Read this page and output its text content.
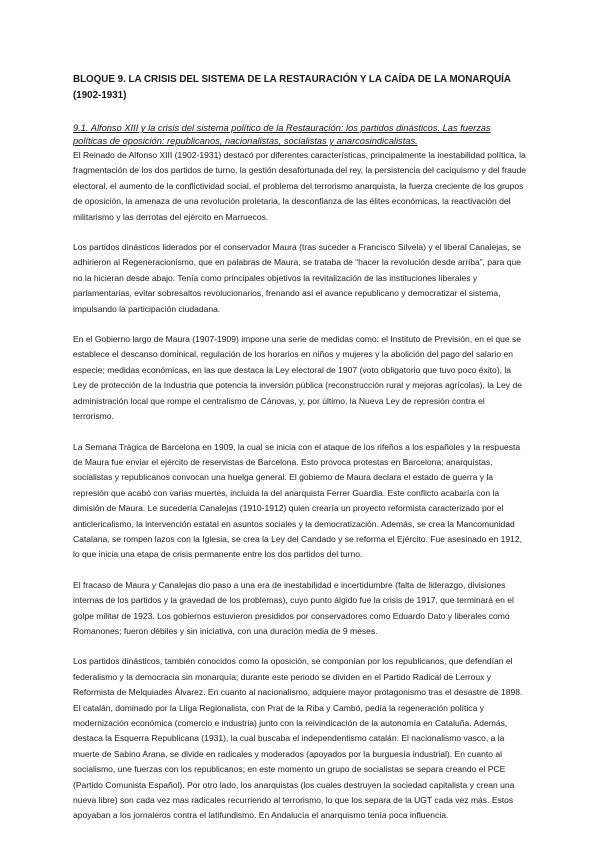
BLOQUE 9. LA CRISIS DEL SISTEMA DE LA RESTAURACIÓN Y LA CAÍDA DE LA MONARQUÍA (1902-1931)
9.1. Alfonso XIII y la crisis del sistema político de la Restauración: los partidos dinásticos. Las fuerzas políticas de oposición: republicanos, nacionalistas, socialistas y anarcosindicalistas.

El Reinado de Alfonso XIII (1902-1931) destacó por diferentes características, principalmente la inestabilidad política, la fragmentación de los dos partidos de turno, la gestión desafortunada del rey, la persistencia del caciquismo y del fraude electoral, el aumento de la conflictividad social, el problema del terrorismo anarquista, la fuerza creciente de los grupos de oposición, la amenaza de una revolución proletaria, la desconfianza de las élites económicas, la reactivación del militarismo y las derrotas del ejército en Marruecos.

Los partidos dinásticos liderados por el conservador Maura (tras suceder a Francisco Silvela) y el liberal Canalejas, se adhirieron al Regeneracionismo, que en palabras de Maura, se trataba de “hacer la revolución desde arriba”, para que no la hicieran desde abajo. Tenía como principales objetivos la revitalización de las instituciones liberales y parlamentarias, evitar sobresaltos revolucionarios, frenando así el avance republicano y democratizar el sistema, impulsando la participación ciudadana.

En el Gobierno largo de Maura (1907-1909) impone una serie de medidas como: el Instituto de Previsión, en el que se establece el descanso dominical, regulación de los horarios en niños y mujeres y la abolición del pago del salario en especie; medidas económicas, en las que destaca la Ley electoral de 1907 (voto obligatorio que tuvo poco éxito), la Ley de protección de la Industria que potencia la inversión pública (reconstrucción rural y mejoras agrícolas), la Ley de administración local que rompe el centralismo de Cánovas, y, por último, la Nueva Ley de represión contra el terrorismo.

La Semana Trágica de Barcelona en 1909, la cual se inicia con el ataque de los rifeños a los españoles y la respuesta de Maura fue enviar el ejército de reservistas de Barcelona. Esto provoca protestas en Barcelona; anarquistas, socialistas y republicanos convocan una huelga general. El gobierno de Maura declara el estado de guerra y la represión que acabó con varias muertes, incluida la del anarquista Ferrer Guardia. Este conflicto acabaría con la dimisión de Maura. Le sucedería Canalejas (1910-1912) quien crearía un proyecto reformista caracterizado por el anticlericalismo, la intervención estatal en asuntos sociales y la democratización. Además, se crea la Mancomunidad Catalana, se rompen lazos con la Iglesia, se crea la Ley del Candado y se reforma el Ejército. Fue asesinado en 1912, lo que inicia una etapa de crisis permanente entre los dos partidos del turno.

El fracaso de Maura y Canalejas dio paso a una era de inestabilidad e incertidumbre (falta de liderazgo, divisiones internas de los partidos y la gravedad de los problemas), cuyo punto álgido fue la crisis de 1917, que terminará en el golpe militar de 1923. Los gobiernos estuvieron presididos por conservadores como Eduardo Dato y liberales como Romanones; fueron débiles y sin iniciativa, con una duración media de 9 meses.

Los partidos dinásticos, también conocidos como la oposición, se componían por los republicanos, que defendían el federalismo y la democracia sin monarquía; durante este periodo se dividen en el Partido Radical de Lerroux y Reformista de Melquiades Álvarez. En cuanto al nacionalismo, adquiere mayor protagonismo tras el desastre de 1898. El catalán, dominado por la Lliga Regionalista, con Prat de la Riba y Cambó, pedía la regeneración política y modernización económica (comercio e industria) junto con la reivindicación de la autonomía en Cataluña. Además, destaca la Esquerra Republicana (1931), la cual buscaba el independentismo catalán. El nacionalismo vasco, a la muerte de Sabino Arana, se divide en radicales y moderados (apoyados por la burguesía industrial). En cuanto al socialismo, une fuerzas con los republicanos; en este momento un grupo de socialistas se separa creando el PCE (Partido Comunista Español). Por otro lado, los anarquistas (los cuales destruyen la sociedad capitalista y crean una nueva libre) son cada vez mas radicales recurriendo al terrorismo, lo que los separa de la UGT cada vez más. Estos apoyaban a los jornaleros contra el latifundismo. En Andalucía el anarquismo tenía poca influencia.
